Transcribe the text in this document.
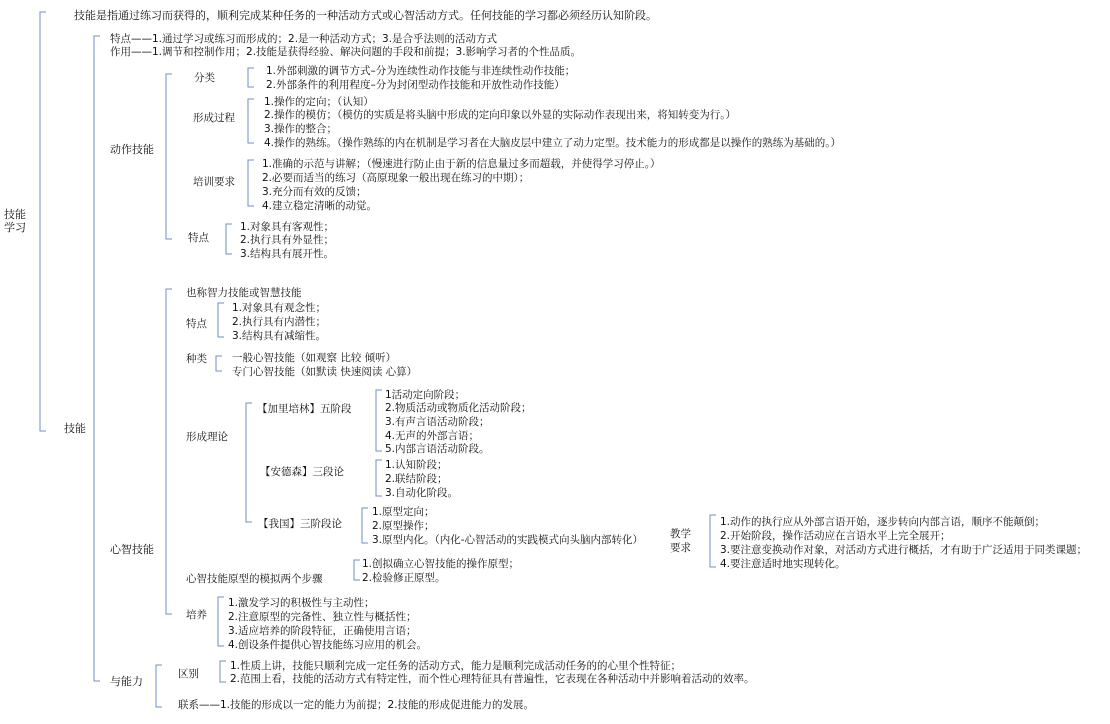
技能
学习
技能是指通过练习而获得的，顺利完成某种任务的一种活动方式或心智活动方式。任何技能的学习都必须经历认知阶段。
技能
特点——1.通过学习或练习而形成的；2.是一种活动方式；3.是合乎法则的活动方式
作用——1.调节和控制作用；2.技能是获得经验、解决问题的手段和前提；3.影响学习者的个性品质。
动作技能
分类
1.外部刺激的调节方式–分为连续性动作技能与非连续性动作技能；
2.外部条件的利用程度–分为封闭型动作技能和开放性动作技能）
形成过程
1.操作的定向；（认知）
2.操作的模仿；（模仿的实质是将头脑中形成的定向印象以外显的实际动作表现出来，将知转变为行。）
3.操作的整合；
4.操作的熟练。（操作熟练的内在机制是学习者在大脑皮层中建立了动力定型。技术能力的形成都是以操作的熟练为基础的。）
培训要求
1.准确的示范与讲解；（慢速进行防止由于新的信息量过多而超载，并使得学习停止。）
2.必要而适当的练习（高原现象一般出现在练习的中期）；
3.充分而有效的反馈；
4.建立稳定清晰的动觉。
特点
1.对象具有客观性；
2.执行具有外显性；
3.结构具有展开性。
心智技能
也称智力技能或智慧技能
特点
1.对象具有观念性；
2.执行具有内潜性；
3.结构具有减缩性。
种类 一般心智技能（如观察 比较 倾听）
专门心智技能（如默读 快速阅读 心算）
形成理论
【加里培林】五阶段
1活动定向阶段；
2.物质活动或物质化活动阶段；
3.有声言语活动阶段；
4.无声的外部言语；
5.内部言语活动阶段。
【安德森】三段论
1.认知阶段；
2.联结阶段；
3.自动化阶段。
【我国】三阶段论
1.原型定向；
2.原型操作；
3.原型内化。（内化-心智活动的实践模式向头脑内部转化）	教学
要求
1.动作的执行应从外部言语开始，逐步转向内部言语，顺序不能颠倒；
2.开始阶段，操作活动应在言语水平上完全展开；
3.要注意变换动作对象，对活动方式进行概括，才有助于广泛适用于同类课题；
4.要注意适时地实现转化。
心智技能原型的模拟两个步骤
1.创拟确立心智技能的操作原型；
2.检验修正原型。
培养
1.激发学习的积极性与主动性；
2.注意原型的完备性、独立性与概括性；
3.适应培养的阶段特征，正确使用言语；
4.创设条件提供心智技能练习应用的机会。
与能力
区别
1.性质上讲，技能只顺利完成一定任务的活动方式，能力是顺利完成活动任务的的心里个性特征；
2.范围上看，技能的活动方式有特定性，而个性心理特征具有普遍性，它表现在各种活动中并影响着活动的效率。
联系——1.技能的形成以一定的能力为前提；2.技能的形成促进能力的发展。
